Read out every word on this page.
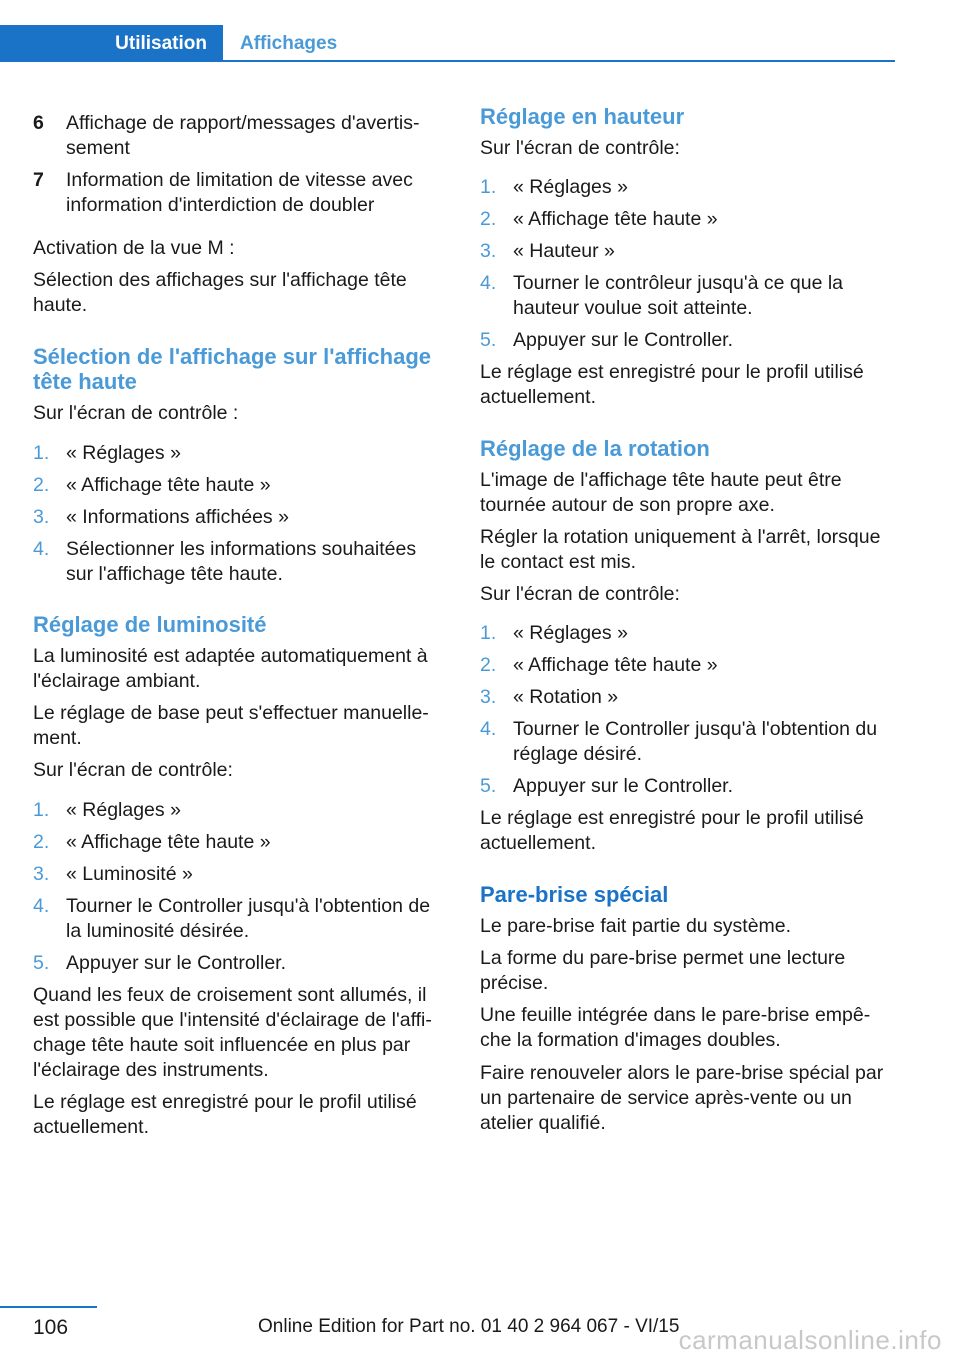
Utilisation	Affichages
6	Affichage de rapport/messages d'avertis-
sement
7	Information de limitation de vitesse avec
information d'interdiction de doubler

Activation de la vue M :

Sélection des affichages sur l'affichage tête
haute.

Sélection de l'affichage sur l'affichage
tête haute

Sur l'écran de contrôle :

1. « Réglages »
2. « Affichage tête haute »
3. « Informations affichées »
4. Sélectionner les informations souhaitées
sur l'affichage tête haute.
Réglage de luminosité

La luminosité est adaptée automatiquement à
l'éclairage ambiant.

Le réglage de base peut s'effectuer manuelle-
ment.

Sur l'écran de contrôle:

1. « Réglages »
2. « Affichage tête haute »
3. « Luminosité »
4. Tourner le Controller jusqu'à l'obtention de
la luminosité désirée.
5. Appuyer sur le Controller.

Quand les feux de croisement sont allumés, il
est possible que l'intensité d'éclairage de l'affi-
chage tête haute soit influencée en plus par
l'éclairage des instruments.

Le réglage est enregistré pour le profil utilisé
actuellement.

Réglage en hauteur

Sur l'écran de contrôle:

1. « Réglages »
2. « Affichage tête haute »
3. « Hauteur »
4. Tourner le contrôleur jusqu'à ce que la
hauteur voulue soit atteinte.
5. Appuyer sur le Controller.

Le réglage est enregistré pour le profil utilisé
actuellement.

Réglage de la rotation

L'image de l'affichage tête haute peut être
tournée autour de son propre axe.

Régler la rotation uniquement à l'arrêt, lorsque
le contact est mis.

Sur l'écran de contrôle:

1. « Réglages »
2. « Affichage tête haute »
3. « Rotation »
4. Tourner le Controller jusqu'à l'obtention du
réglage désiré.
5. Appuyer sur le Controller.

Le réglage est enregistré pour le profil utilisé
actuellement.

Pare-brise spécial

Le pare-brise fait partie du système.

La forme du pare-brise permet une lecture
précise.

Une feuille intégrée dans le pare-brise empê-
che la formation d'images doubles.

Faire renouveler alors le pare-brise spécial par
un partenaire de service après-vente ou un
atelier qualifié.

106	Online Edition for Part no. 01 40 2 964 067 - VI/15 carmanualsonline.info
